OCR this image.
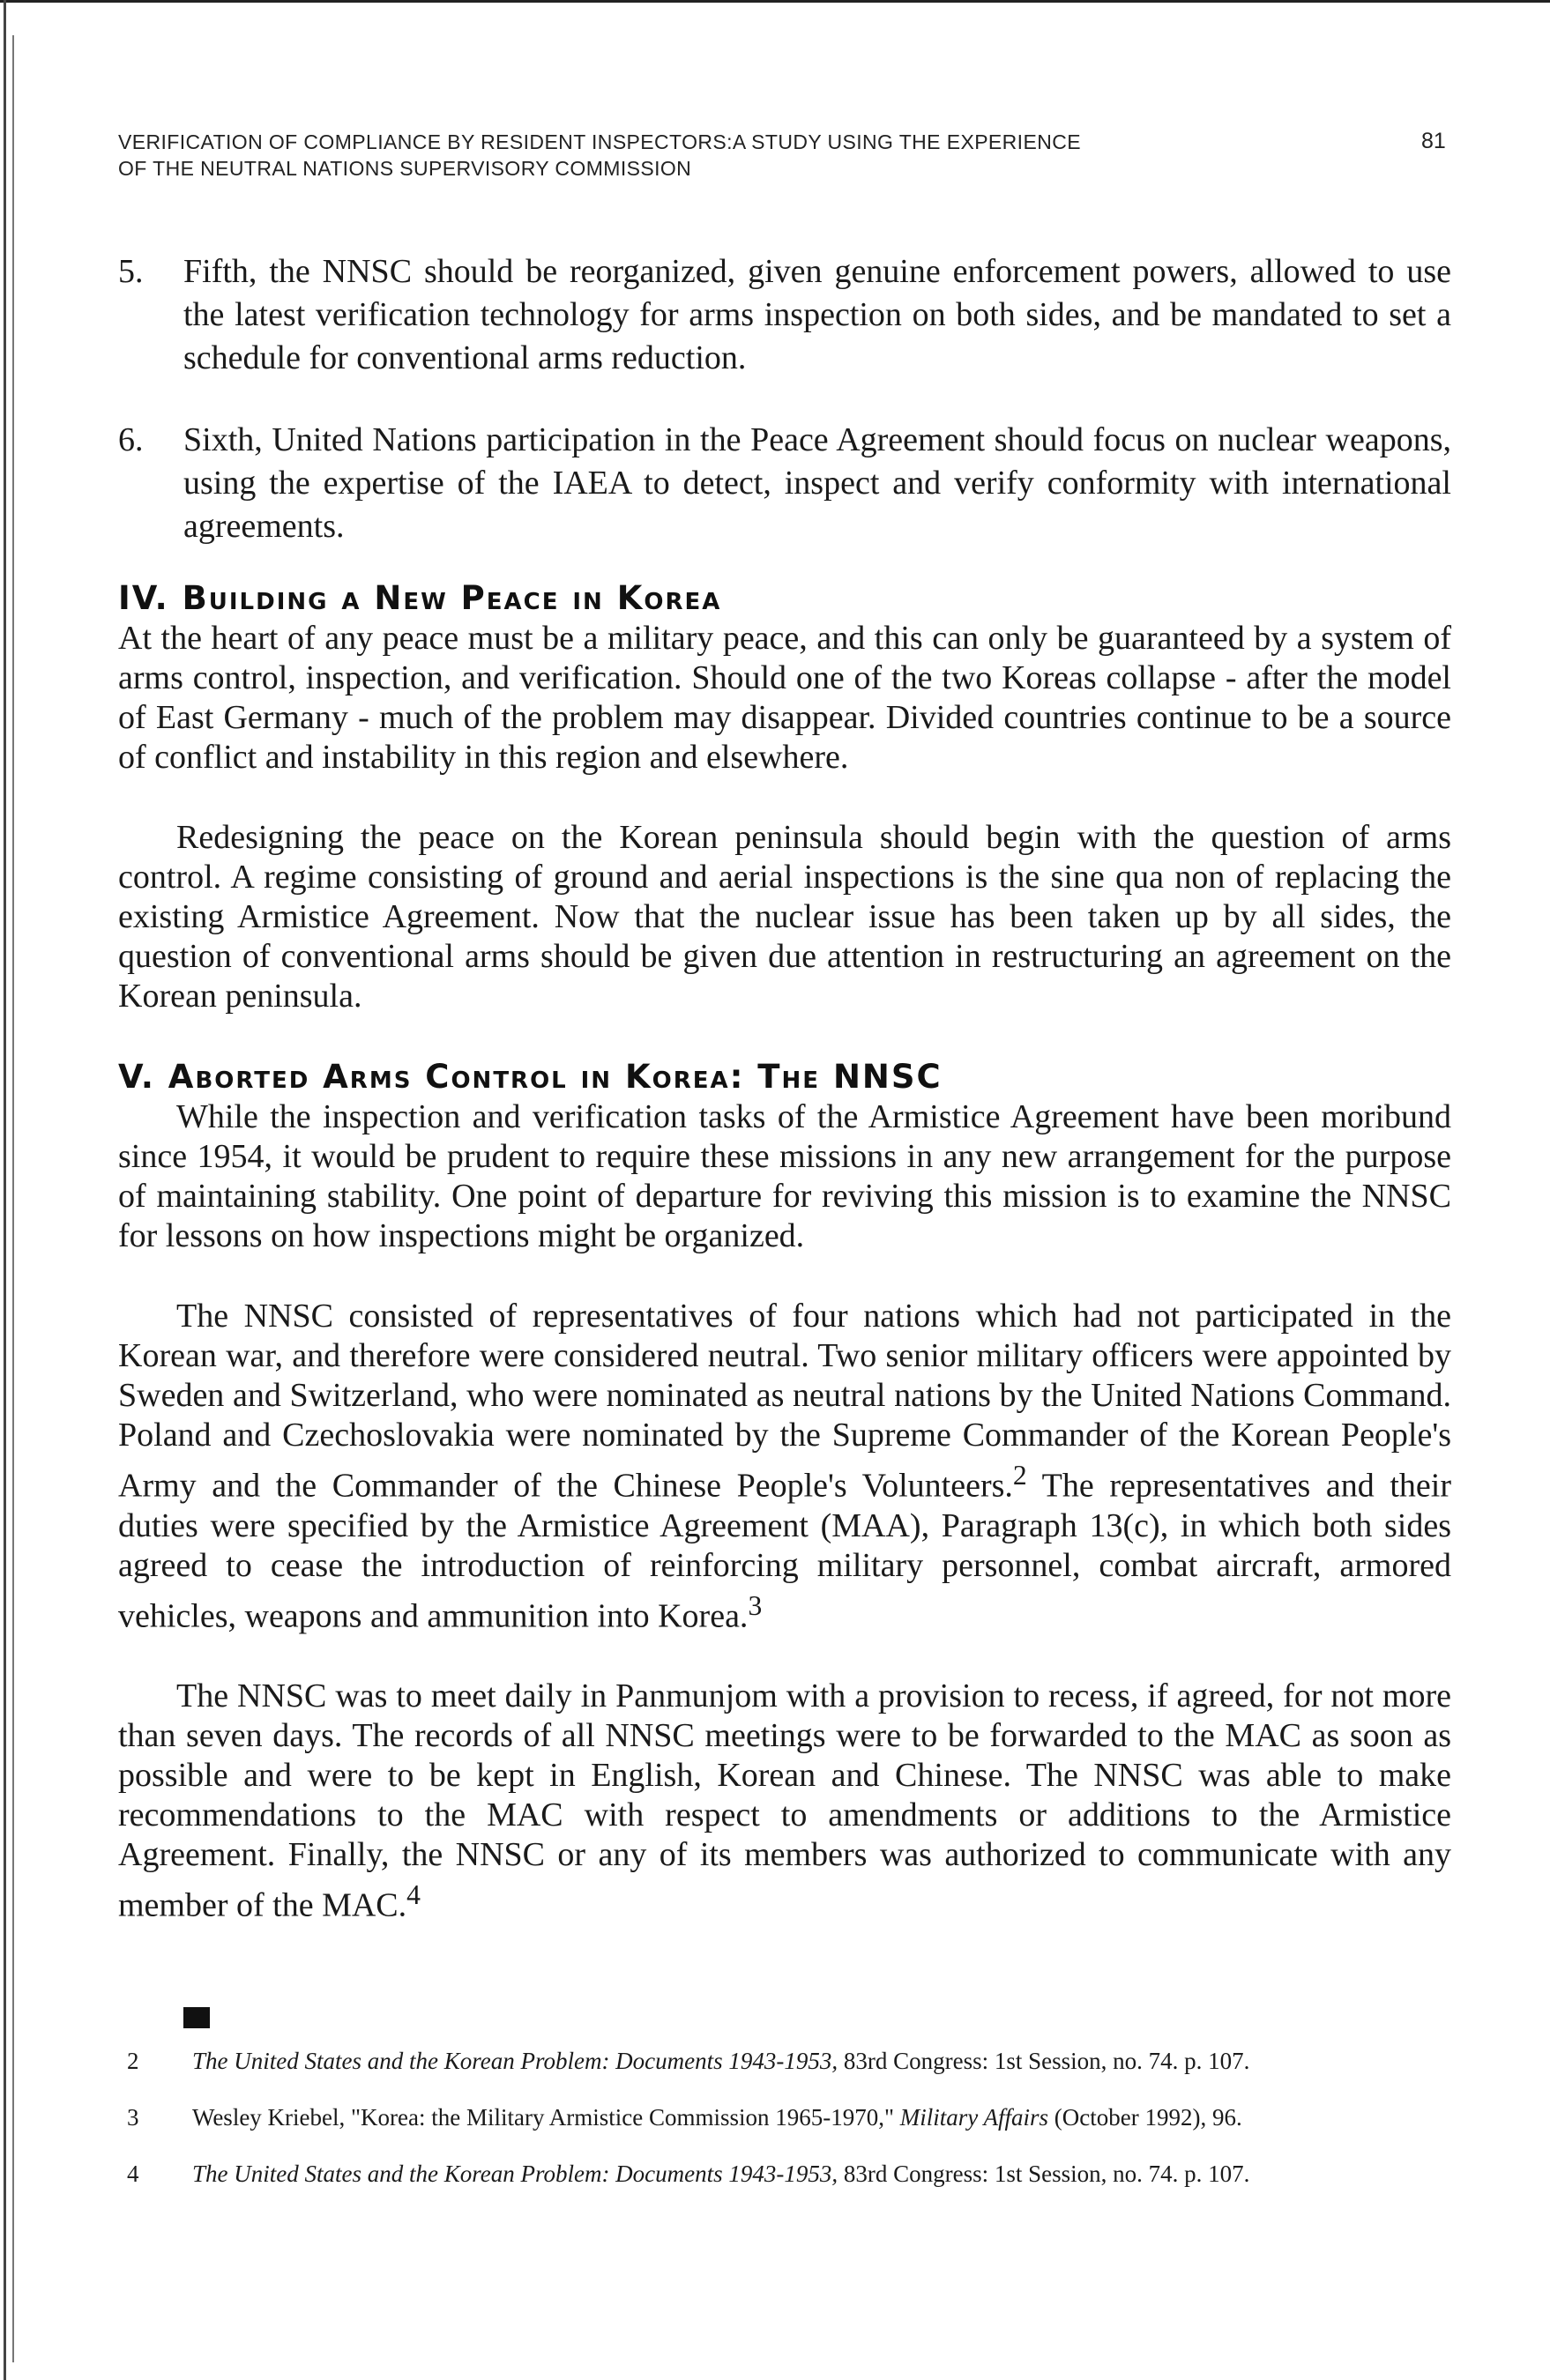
VERIFICATION OF COMPLIANCE BY RESIDENT INSPECTORS:A STUDY USING THE EXPERIENCE
OF THE NEUTRAL NATIONS SUPERVISORY COMMISSION
81
5.	Fifth, the NNSC should be reorganized, given genuine enforcement powers, allowed to use the latest verification technology for arms inspection on both sides, and be mandated to set a schedule for conventional arms reduction.
6.	Sixth, United Nations participation in the Peace Agreement should focus on nuclear weapons, using the expertise of the IAEA to detect, inspect and verify conformity with international agreements.
IV. Building a New Peace in Korea

At the heart of any peace must be a military peace, and this can only be guaranteed by a system of arms control, inspection, and verification. Should one of the two Koreas collapse - after the model of East Germany - much of the problem may disappear. Divided countries continue to be a source of conflict and instability in this region and elsewhere.

Redesigning the peace on the Korean peninsula should begin with the question of arms control. A regime consisting of ground and aerial inspections is the sine qua non of replacing the existing Armistice Agreement. Now that the nuclear issue has been taken up by all sides, the question of conventional arms should be given due attention in restructuring an agreement on the Korean peninsula.

V. Aborted Arms Control in Korea: The NNSC

While the inspection and verification tasks of the Armistice Agreement have been moribund since 1954, it would be prudent to require these missions in any new arrangement for the purpose of maintaining stability. One point of departure for reviving this mission is to examine the NNSC for lessons on how inspections might be organized.

The NNSC consisted of representatives of four nations which had not participated in the Korean war, and therefore were considered neutral. Two senior military officers were appointed by Sweden and Switzerland, who were nominated as neutral nations by the United Nations Command. Poland and Czechoslovakia were nominated by the Supreme Commander of the Korean People's Army and the Commander of the Chinese People's Volunteers.$^2$ The representatives and their duties were specified by the Armistice Agreement (MAA), Paragraph 13(c), in which both sides agreed to cease the introduction of reinforcing military personnel, combat aircraft, armored vehicles, weapons and ammunition into Korea.$^3$

The NNSC was to meet daily in Panmunjom with a provision to recess, if agreed, for not more than seven days. The records of all NNSC meetings were to be forwarded to the MAC as soon as possible and were to be kept in English, Korean and Chinese. The NNSC was able to make recommendations to the MAC with respect to amendments or additions to the Armistice Agreement. Finally, the NNSC or any of its members was authorized to communicate with any member of the MAC.$^4$

2	The United States and the Korean Problem: Documents 1943-1953, 83rd Congress: 1st Session, no. 74. p. 107.
3	Wesley Kriebel, "Korea: the Military Armistice Commission 1965-1970," Military Affairs (October 1992), 96.
4	The United States and the Korean Problem: Documents 1943-1953, 83rd Congress: 1st Session, no. 74. p. 107.
